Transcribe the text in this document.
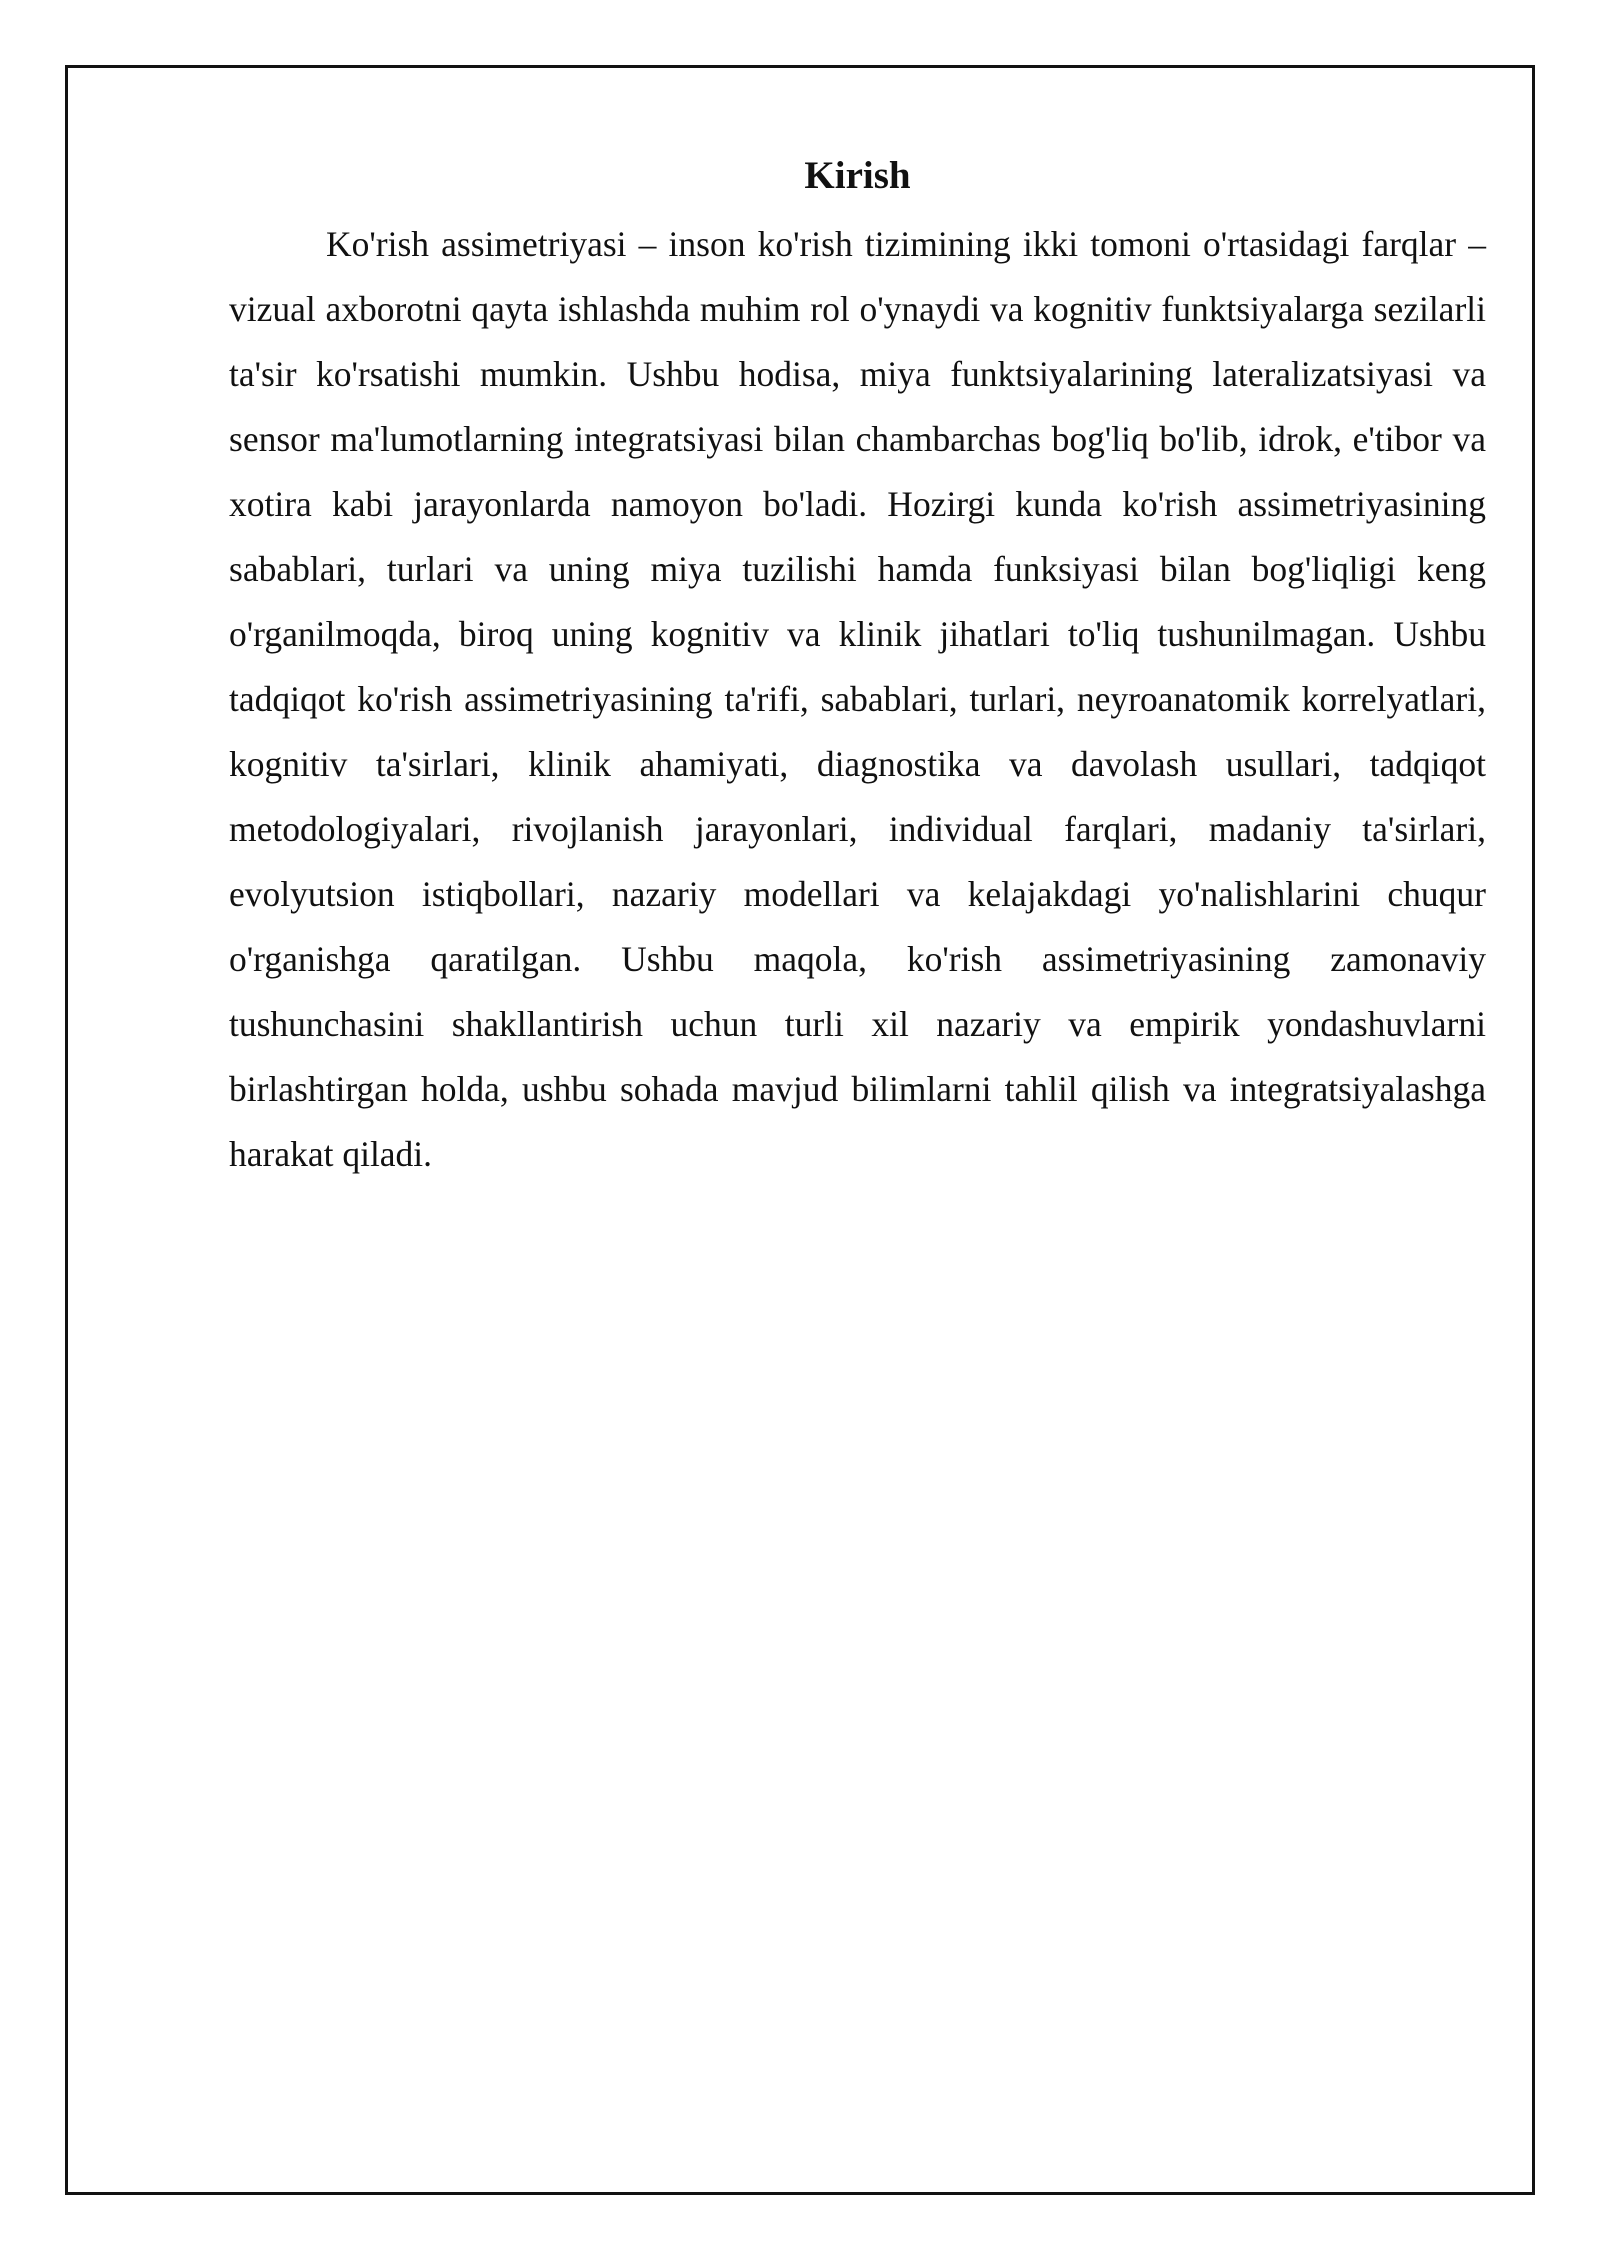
Kirish

Ko'rish assimetriyasi – inson ko'rish tizimining ikki tomoni o'rtasidagi farqlar – vizual axborotni qayta ishlashda muhim rol o'ynaydi va kognitiv funktsiyalarga sezilarli ta'sir ko'rsatishi mumkin. Ushbu hodisa, miya funktsiyalarining lateralizatsiyasi va sensor ma'lumotlarning integratsiyasi bilan chambarchas bog'liq bo'lib, idrok, e'tibor va xotira kabi jarayonlarda namoyon bo'ladi. Hozirgi kunda ko'rish assimetriyasining sabablari, turlari va uning miya tuzilishi hamda funksiyasi bilan bog'liqligi keng o'rganilmoqda, biroq uning kognitiv va klinik jihatlari to'liq tushunilmagan. Ushbu tadqiqot ko'rish assimetriyasining ta'rifi, sabablari, turlari, neyroanatomik korrelyatlari, kognitiv ta'sirlari, klinik ahamiyati, diagnostika va davolash usullari, tadqiqot metodologiyalari, rivojlanish jarayonlari, individual farqlari, madaniy ta'sirlari, evolyutsion istiqbollari, nazariy modellari va kelajakdagi yo'nalishlarini chuqur o'rganishga qaratilgan. Ushbu maqola, ko'rish assimetriyasining zamonaviy tushunchasini shakllantirish uchun turli xil nazariy va empirik yondashuvlarni birlashtirgan holda, ushbu sohada mavjud bilimlarni tahlil qilish va integratsiyalashga harakat qiladi.
